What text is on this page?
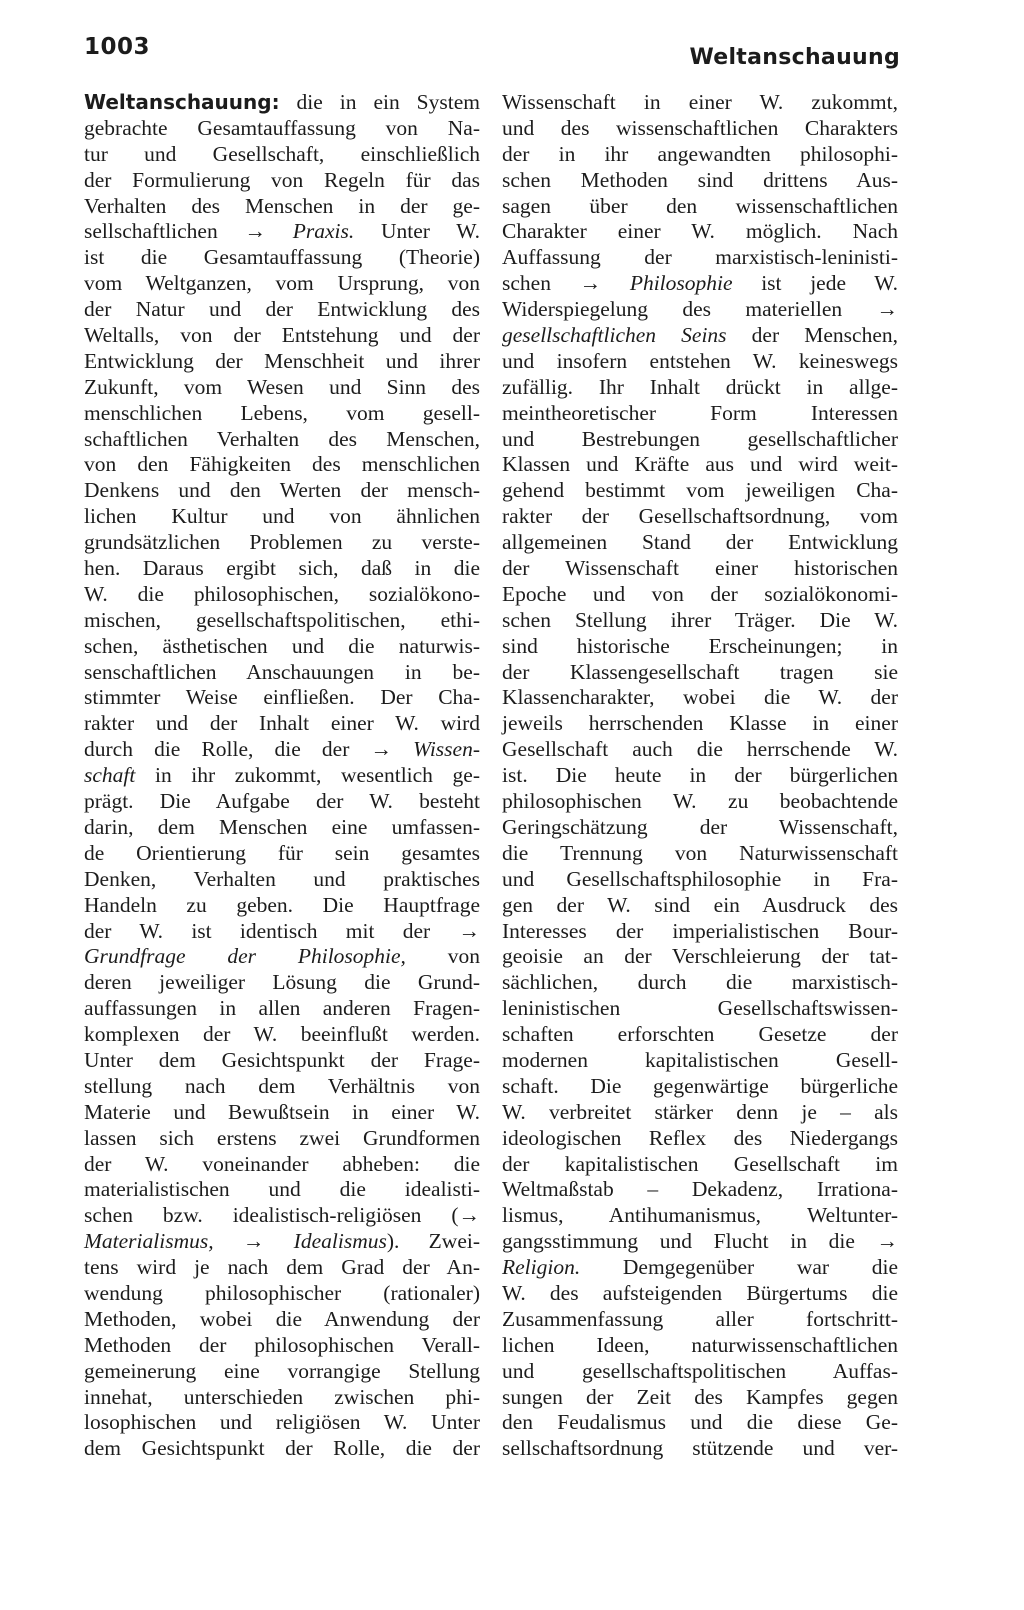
1003	Weltanschauung
Weltanschauung: die in ein System
gebrachte Gesamtauffassung von Na-
tur und Gesellschaft, einschließlich
der Formulierung von Regeln für das
Verhalten des Menschen in der ge-
sellschaftlichen → Praxis. Unter W.
ist die Gesamtauffassung (Theorie)
vom Weltganzen, vom Ursprung, von
der Natur und der Entwicklung des
Weltalls, von der Entstehung und der
Entwicklung der Menschheit und ihrer
Zukunft, vom Wesen und Sinn des
menschlichen Lebens, vom gesell-
schaftlichen Verhalten des Menschen,
von den Fähigkeiten des menschlichen
Denkens und den Werten der mensch-
lichen Kultur und von ähnlichen
grundsätzlichen Problemen zu verste-
hen. Daraus ergibt sich, daß in die
W. die philosophischen, sozialökono-
mischen, gesellschaftspolitischen, ethi-
schen, ästhetischen und die naturwis-
senschaftlichen Anschauungen in be-
stimmter Weise einfließen. Der Cha-
rakter und der Inhalt einer W. wird
durch die Rolle, die der → Wissen-
schaft in ihr zukommt, wesentlich ge-
prägt. Die Aufgabe der W. besteht
darin, dem Menschen eine umfassen-
de Orientierung für sein gesamtes
Denken, Verhalten und praktisches
Handeln zu geben. Die Hauptfrage
der W. ist identisch mit der →
Grundfrage der Philosophie, von
deren jeweiliger Lösung die Grund-
auffassungen in allen anderen Fragen-
komplexen der W. beeinflußt werden.
Unter dem Gesichtspunkt der Frage-
stellung nach dem Verhältnis von
Materie und Bewußtsein in einer W.
lassen sich erstens zwei Grundformen
der W. voneinander abheben: die
materialistischen und die idealisti-
schen bzw. idealistisch-religiösen (→
Materialismus, → Idealismus). Zwei-
tens wird je nach dem Grad der An-
wendung philosophischer (rationaler)
Methoden, wobei die Anwendung der
Methoden der philosophischen Verall-
gemeinerung eine vorrangige Stellung
innehat, unterschieden zwischen phi-
losophischen und religiösen W. Unter
dem Gesichtspunkt der Rolle, die der
Wissenschaft in einer W. zukommt,
und des wissenschaftlichen Charakters
der in ihr angewandten philosophi-
schen Methoden sind drittens Aus-
sagen über den wissenschaftlichen
Charakter einer W. möglich. Nach
Auffassung der marxistisch-leninisti-
schen → Philosophie ist jede W.
Widerspiegelung des materiellen →
gesellschaftlichen Seins der Menschen,
und insofern entstehen W. keineswegs
zufällig. Ihr Inhalt drückt in allge-
meintheoretischer Form Interessen
und Bestrebungen gesellschaftlicher
Klassen und Kräfte aus und wird weit-
gehend bestimmt vom jeweiligen Cha-
rakter der Gesellschaftsordnung, vom
allgemeinen Stand der Entwicklung
der Wissenschaft einer historischen
Epoche und von der sozialökonomi-
schen Stellung ihrer Träger. Die W.
sind historische Erscheinungen; in
der Klassengesellschaft tragen sie
Klassencharakter, wobei die W. der
jeweils herrschenden Klasse in einer
Gesellschaft auch die herrschende W.
ist. Die heute in der bürgerlichen
philosophischen W. zu beobachtende
Geringschätzung der Wissenschaft,
die Trennung von Naturwissenschaft
und Gesellschaftsphilosophie in Fra-
gen der W. sind ein Ausdruck des
Interesses der imperialistischen Bour-
geoisie an der Verschleierung der tat-
sächlichen, durch die marxistisch-
leninistischen Gesellschaftswissen-
schaften erforschten Gesetze der
modernen kapitalistischen Gesell-
schaft. Die gegenwärtige bürgerliche
W. verbreitet stärker denn je – als
ideologischen Reflex des Niedergangs
der kapitalistischen Gesellschaft im
Weltmaßstab – Dekadenz, Irrationa-
lismus, Antihumanismus, Weltunter-
gangsstimmung und Flucht in die →
Religion. Demgegenüber war die
W. des aufsteigenden Bürgertums die
Zusammenfassung aller fortschritt-
lichen Ideen, naturwissenschaftlichen
und gesellschaftspolitischen Auffas-
sungen der Zeit des Kampfes gegen
den Feudalismus und die diese Ge-
sellschaftsordnung stützende und ver-
